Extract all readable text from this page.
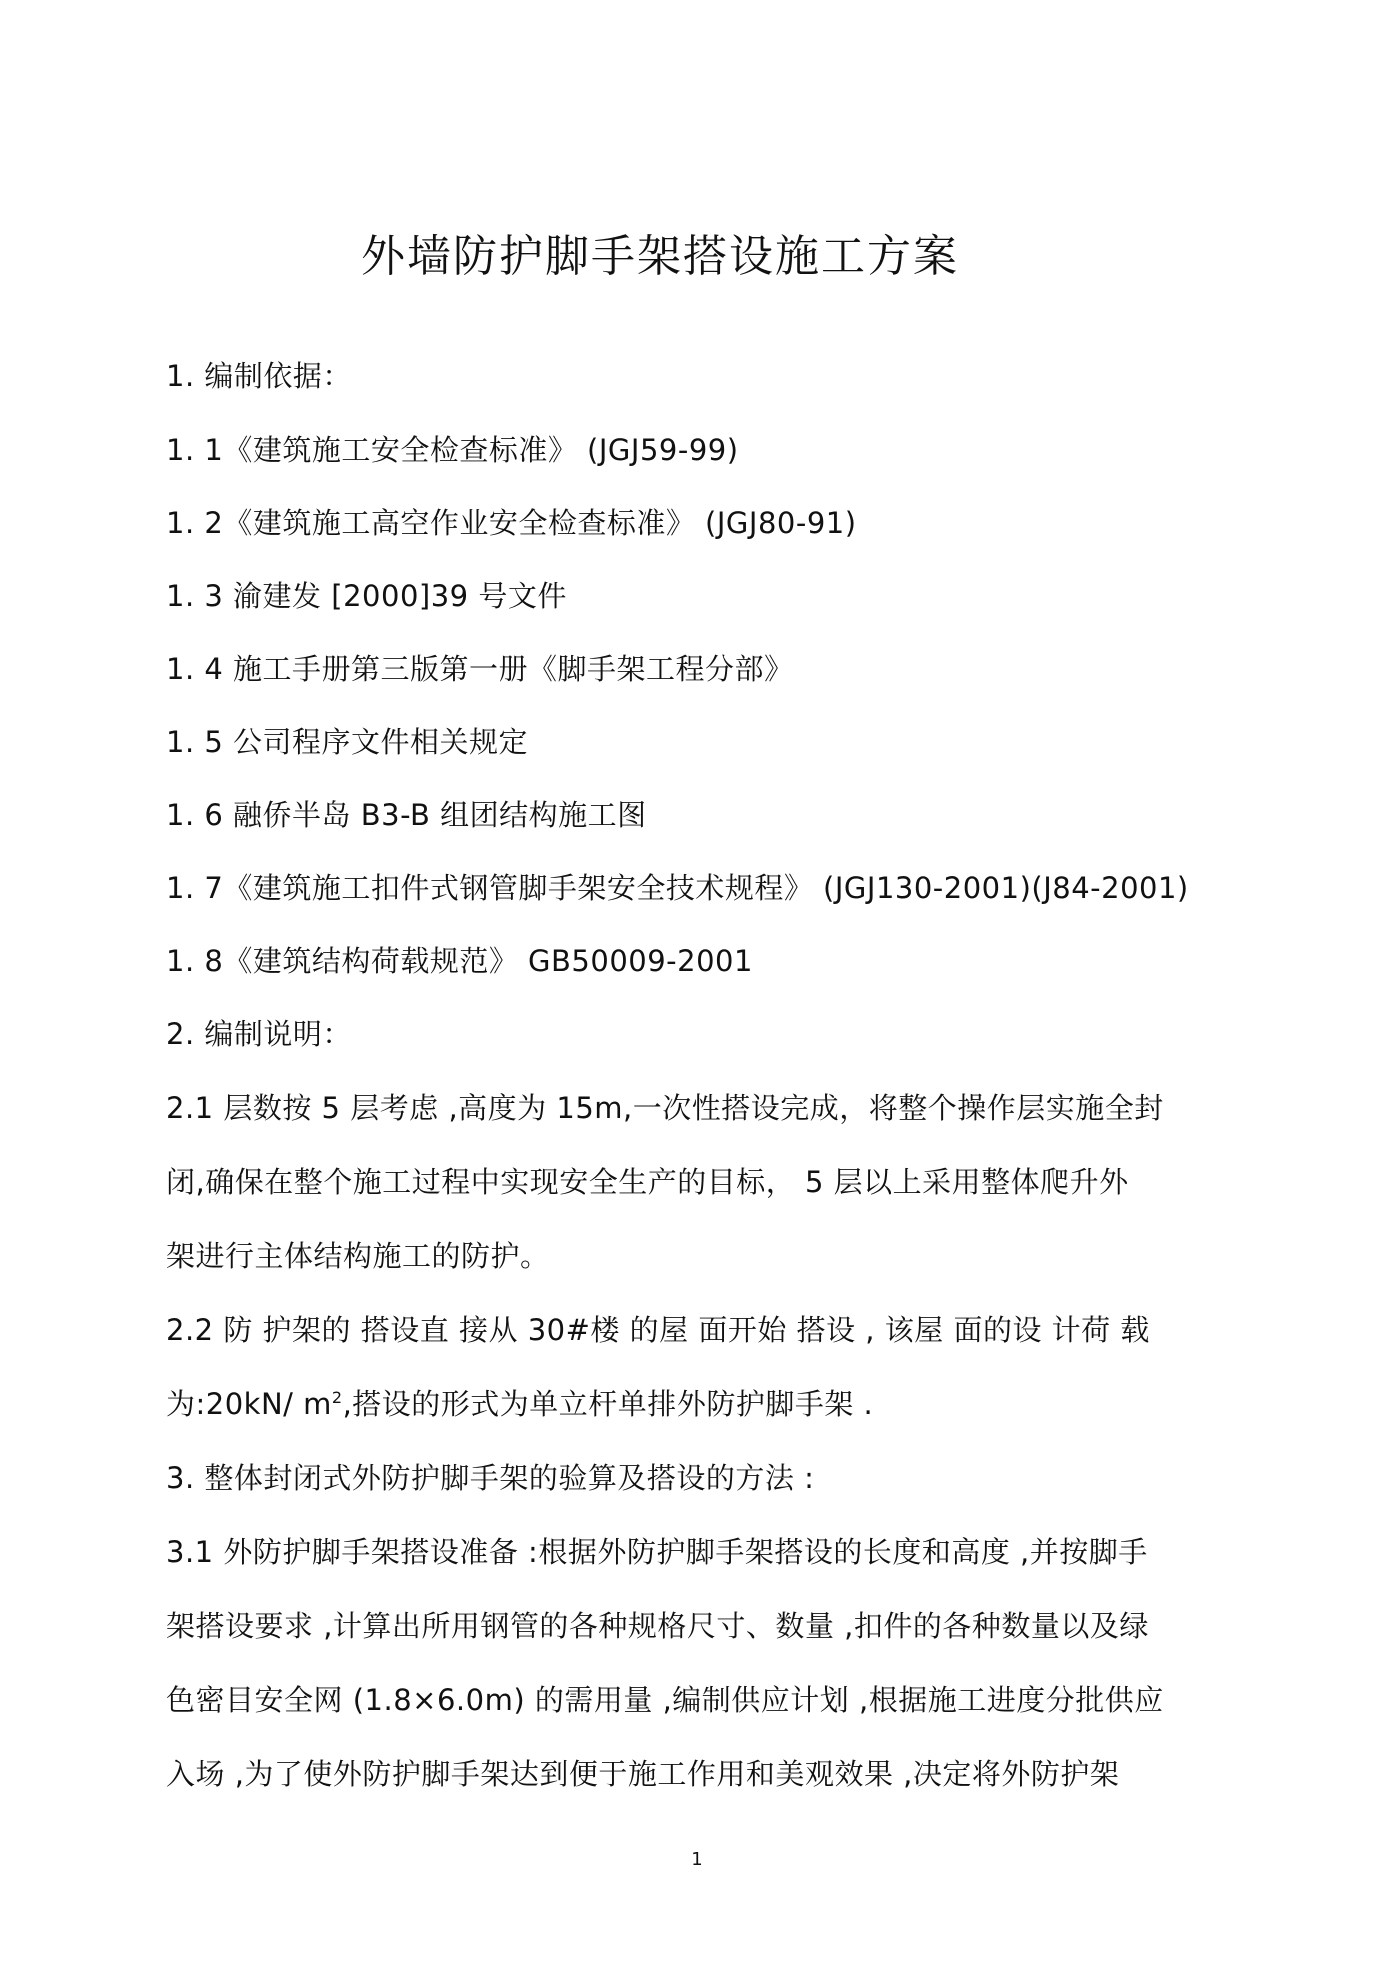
外墙防护脚手架搭设施工方案
1. 编制依据：
1. 1《建筑施工安全检查标准》 (JGJ59-99)
1. 2《建筑施工高空作业安全检查标准》 (JGJ80-91)
1. 3 渝建发 [2000]39 号文件
1. 4 施工手册第三版第一册《脚手架工程分部》
1. 5 公司程序文件相关规定
1. 6 融侨半岛 B3-B 组团结构施工图
1. 7《建筑施工扣件式钢管脚手架安全技术规程》 (JGJ130-2001)(J84-2001)
1. 8《建筑结构荷载规范》 GB50009-2001
2. 编制说明：
2.1 层数按 5 层考虑 ,高度为 15m,一次性搭设完成，将整个操作层实施全封
闭,确保在整个施工过程中实现安全生产的目标， 5 层以上采用整体爬升外
架进行主体结构施工的防护。
2.2 防 护架的 搭设直 接从 30#楼 的屋 面开始 搭设 , 该屋 面的设 计荷 载
为:20kN/ $m^2$,搭设的形式为单立杆单排外防护脚手架 .
3. 整体封闭式外防护脚手架的验算及搭设的方法 :
3.1 外防护脚手架搭设准备 :根据外防护脚手架搭设的长度和高度 ,并按脚手
架搭设要求 ,计算出所用钢管的各种规格尺寸、数量 ,扣件的各种数量以及绿
色密目安全网 (1.8×6.0m) 的需用量 ,编制供应计划 ,根据施工进度分批供应
入场 ,为了使外防护脚手架达到便于施工作用和美观效果 ,决定将外防护架
1
